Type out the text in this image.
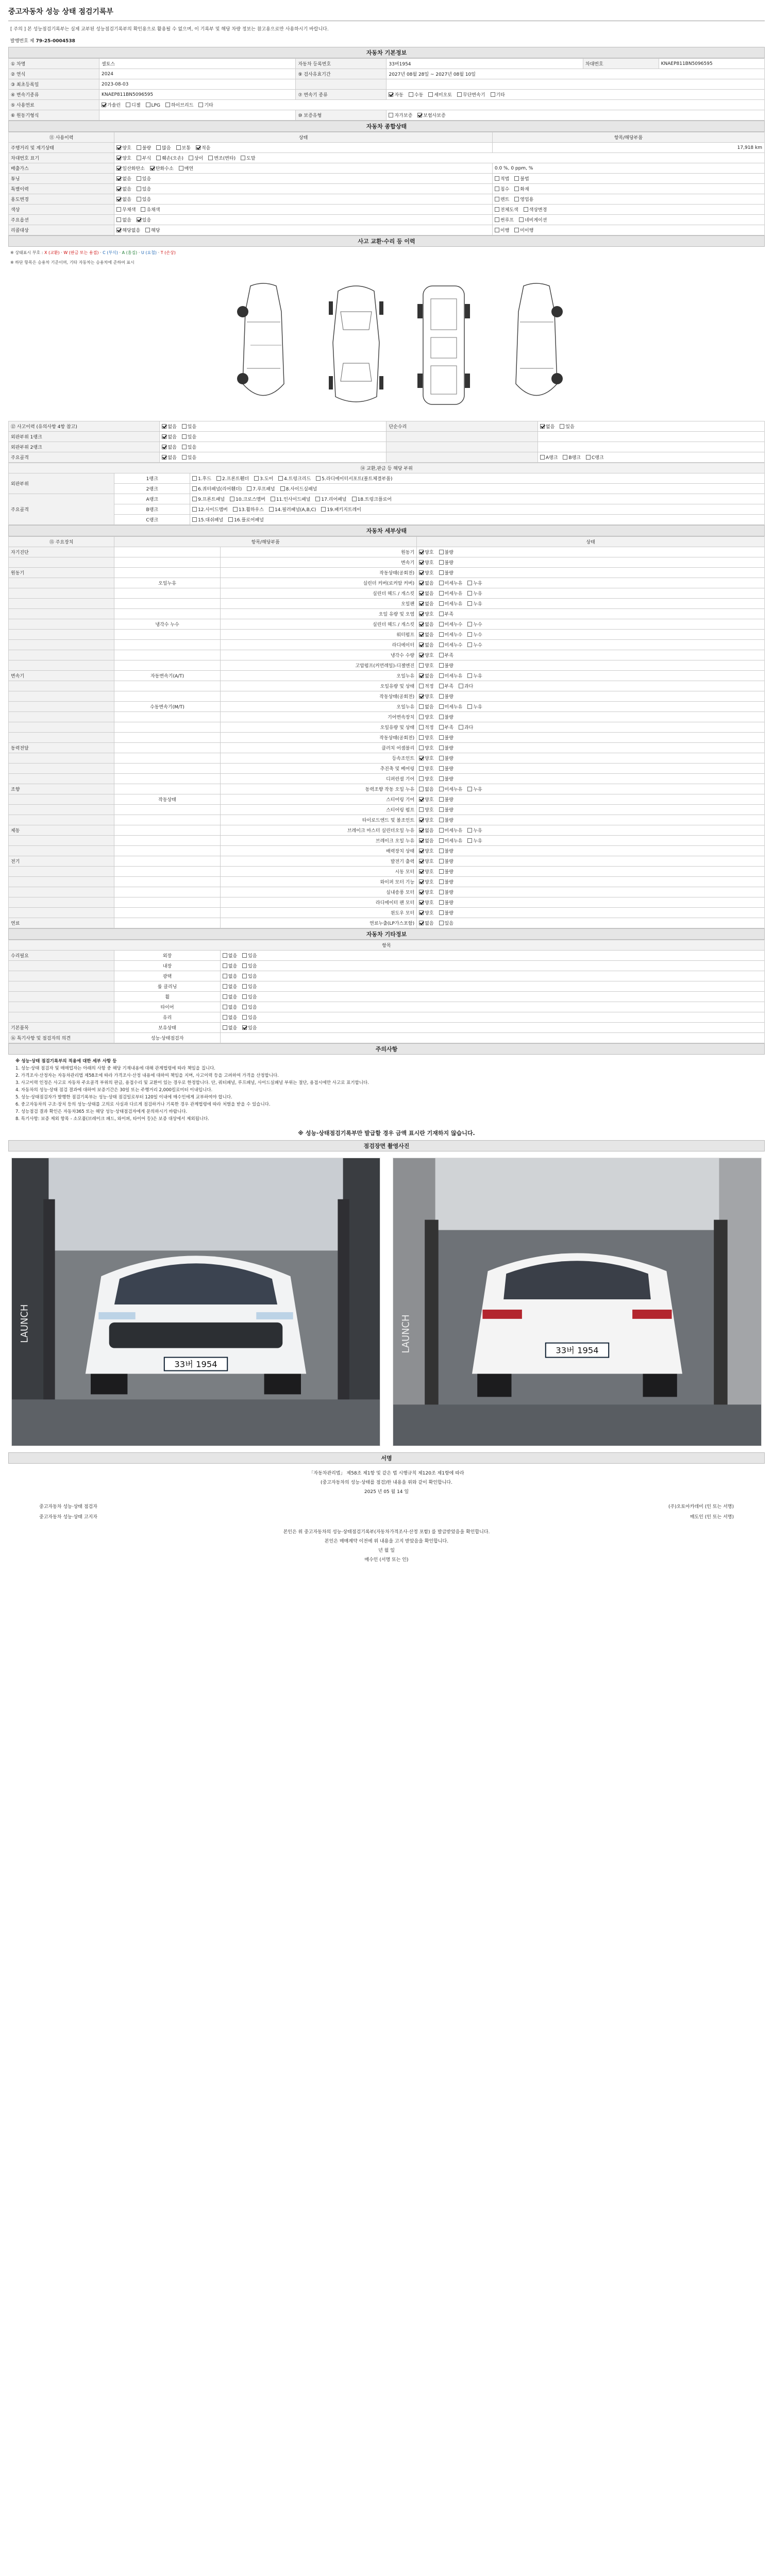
중고자동차 성능 상태 점검기록부
[ 주의 ] 본 성능점검기록부는 실제 교부된 성능점검기록부의 확인용으로 활용될 수 없으며, 이 기록부 및 해당 차량 정보는 참고용으로만 사용하시기 바랍니다.
발행번호 제 79-25-0004538
자동차 기본정보
① 차명	셀토스	자동차 등록번호	33버1954	차대번호	KNAEP811BN5096595
② 연식	2024	⑨ 검사유효기간	2027년 08월 28일 ~ 2027년 08월 10일		
③ 최초등록일	2023-08-03				
④ 변속기종류	KNAEP811BN5096595	⑦ 변속기 종류	자동 수동 세미오토 무단변속기 기타		
⑤ 사용연료	가솔린 디젤 LPG 하이브리드 기타				
⑥ 원동기형식		⑩ 보증유형	자가보증 보험사보증		
자동차 종합상태
⑪ 사용이력	상태	항목/해당부품
주행거리 및 계기상태	양호 불량 많음 보통 적음	17,918 km
차대번호 표기	양호 부식 훼손(오손) 상이 변조(변타) 도말	
배출가스	일산화탄소 탄화수소 매연	0.0 %, 0 ppm, %
튜닝	없음 있음	적법 불법
특별이력	없음 있음	침수 화재
용도변경	없음 있음	렌트 영업용
색상	무채색 유채색	전체도색 색상변경
주요옵션	없음 있음	썬루프 네비게이션
리콜대상	해당없음 해당	이행 미이행
사고 교환·수리 등 이력
※ 상태표시 부호 : X (교환) · W (판금 또는 용접) · C (부식) · A (흠집) · U (요철) · T (손상)
※ 하단 항목은 승용차 기준이며, 기타 자동차는 승용차에 준하여 표시
⑫ 사고이력 (유의사항 4항 참고)	없음 있음	단순수리	없음 있음
외판부위 1랭크	없음 있음		
외판부위 2랭크	없음 있음		
주요골격	없음 있음		A랭크 B랭크 C랭크
⑭ 교환,판금 등 해당 부위		
외판부위	1랭크	1.후드 2.프론트휀더 3.도어 4.트렁크리드 5.라디에이터서포트(볼트체결부품)
	2랭크	6.쿼터패널(리어휀더) 7.루프패널 8.사이드실패널
주요골격	A랭크	9.프론트패널 10.크로스멤버 11.인사이드패널 17.리어패널 18.트렁크플로어
	B랭크	12.사이드멤버 13.휠하우스 14.필러패널(A,B,C) 19.패키지트레이
	C랭크	15.대쉬패널 16.플로어패널
자동차 세부상태
⑮ 주요장치	항목/해당부품		상태
자기진단		원동기	양호 불량
		변속기	양호 불량
원동기		작동상태(공회전)	양호 불량
	오일누유	실린더 커버(로커암 커버)	없음 미세누유 누유
		실린더 헤드 / 개스킷	없음 미세누유 누유
		오일팬	없음 미세누유 누유
		오일 유량 및 오염	양호 부족
	냉각수 누수	실린더 헤드 / 개스킷	없음 미세누수 누수
		워터펌프	없음 미세누수 누수
		라디에이터	없음 미세누수 누수
		냉각수 수량	양호 부족
		고압펌프(커먼레일)-디젤엔진	양호 불량
변속기	자동변속기(A/T)	오일누유	없음 미세누유 누유
		오일유량 및 상태	적정 부족 과다
		작동상태(공회전)	양호 불량
	수동변속기(M/T)	오일누유	없음 미세누유 누유
		기어변속장치	양호 불량
		오일유량 및 상태	적정 부족 과다
		작동상태(공회전)	양호 불량
동력전달		클러치 어셈블리	양호 불량
		등속조인트	양호 불량
		추진축 및 베어링	양호 불량
		디퍼런셜 기어	양호 불량
조향		동력조향 작동 오일 누유	없음 미세누유 누유
	작동상태	스티어링 기어	양호 불량
		스티어링 펌프	양호 불량
		타이로드엔드 및 볼조인트	양호 불량
제동		브레이크 마스터 실린더오일 누유	없음 미세누유 누유
		브레이크 오일 누유	없음 미세누유 누유
		배력장치 상태	양호 불량
전기		발전기 출력	양호 불량
		시동 모터	양호 불량
		와이퍼 모터 기능	양호 불량
		실내송풍 모터	양호 불량
		라디에이터 팬 모터	양호 불량
		윈도우 모터	양호 불량
연료		연료누출(LP가스포함)	없음 있음
자동차 기타정보
항목		
수리필요	외장	없음 있음
	내장	없음 있음
	광택	없음 있음
	룸 클리닝	없음 있음
	휠	없음 있음
	타이어	없음 있음
	유리	없음 있음
기본품목	보유상태	없음 있음
⑯ 특기사항 및 점검자의 의견	성능·상태점검자	
주의사항
※ 성능·상태 점검기록부의 적용에 대한 세부 사항 등
1. 성능·상태 점검자 및 매매업자는 아래의 사항 중 해당 기재내용에 대해 관계법령에 따라 책임을 집니다.
2. 가격조사·산정자는 자동차관리법 제58조에 따라 가격조사·산정 내용에 대하여 책임을 지며, 사고이력 등을 고려하여 가격을 산정합니다.
3. 사고이력 인정은 사고로 자동차 주요골격 부위의 판금, 용접수리 및 교환이 있는 경우로 한정합니다. 단, 쿼터패널, 루프패널, 사이드실패널 부위는 절단, 용접시에만 사고로 표기합니다.
4. 자동차의 성능·상태 점검 결과에 대하여 보증기간은 30일 또는 주행거리 2,000킬로미터 이내입니다.
5. 성능·상태점검자가 발행한 점검기록부는 성능·상태 점검일로부터 120일 이내에 매수인에게 교부하여야 합니다.
6. 중고자동차의 구조·장치 등의 성능·상태를 고의로 사실과 다르게 점검하거나 기록한 경우 관계법령에 따라 처벌을 받을 수 있습니다.
7. 성능점검 결과 확인은 자동차365 또는 해당 성능·상태점검자에게 문의하시기 바랍니다.
8. 특기사항: 보증 제외 항목 - 소모품(브레이크 패드, 와이퍼, 타이어 등)은 보증 대상에서 제외됩니다.
※ 성능·상태점검기록부만 발급할 경우 금액 표시란 기재하지 않습니다.
점검장면 촬영사진
33버 1954
LAUNCH
33버 1954
LAUNCH
서명
「자동차관리법」 제58조 제1항 및 같은 법 시행규칙 제120조 제1항에 따라
(중고자동차의 성능·상태를 점검)한 내용을 위와 같이 확인합니다.
2025 년 05 월 14 일
중고자동차 성능·상태 점검자	(주)오토아카데미 (인 또는 서명)
중고자동차 성능·상태 고지자	매도인 (인 또는 서명)
본인은 위 중고자동차의 성능·상태점검기록부(자동차가격조사·산정 포함) 를 발급받았음을 확인합니다.
본인은 매매계약 이전에 위 내용을 고지 받았음을 확인합니다.
년 월 일
매수인 (서명 또는 인)
